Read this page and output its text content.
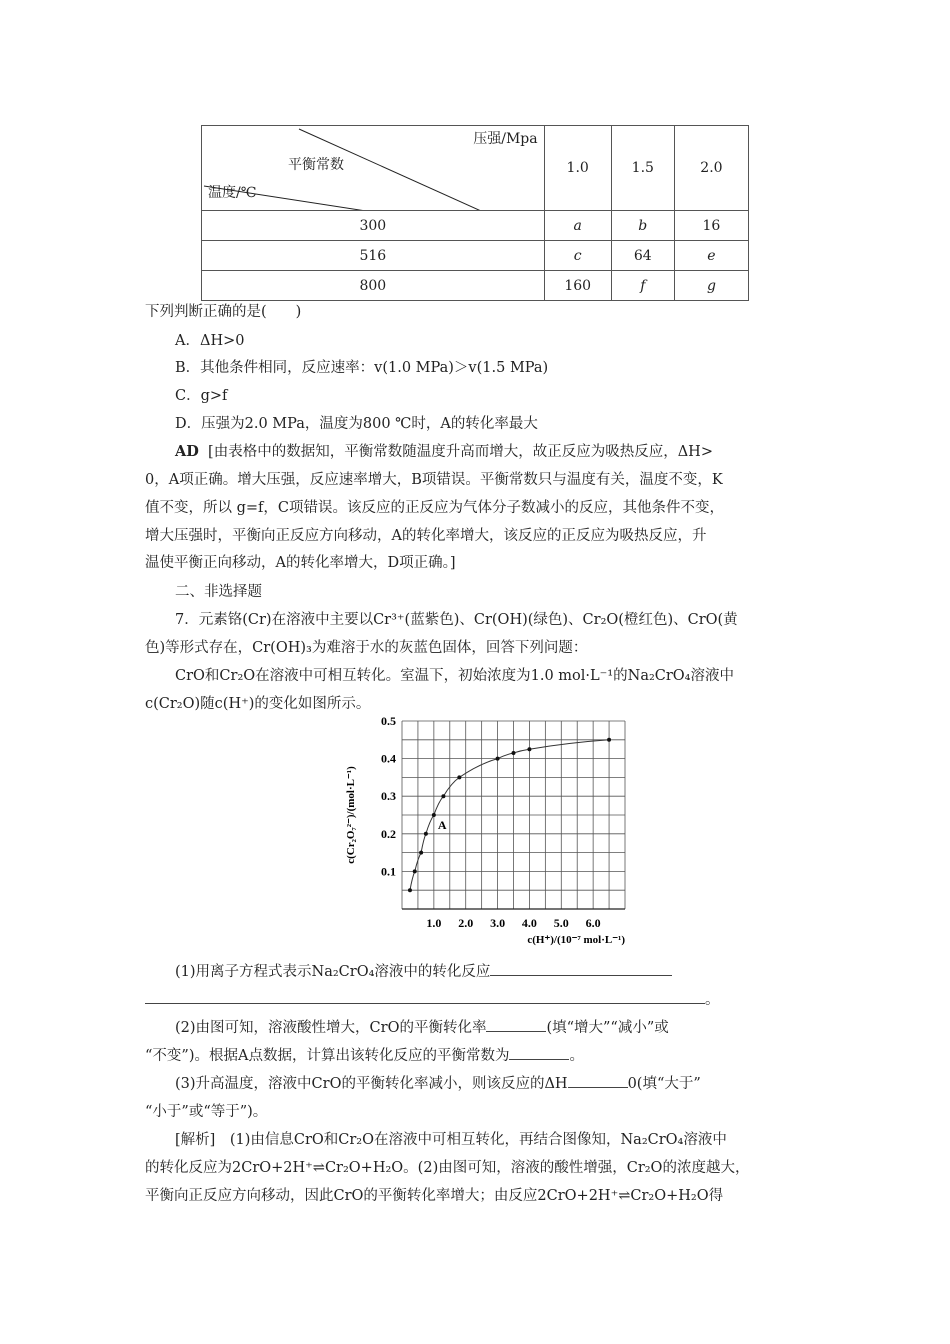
压强/Mpa
平衡常数
温度/℃	1.0	1.5	2.0
300	a	b	16
516	c	64	e
800	160	f	g
下列判断正确的是(　　)
A．ΔH>0
B．其他条件相同，反应速率：v(1.0 MPa)＞v(1.5 MPa)
C．g>f
D．压强为2.0 MPa，温度为800 ℃时，A的转化率最大
AD [由表格中的数据知，平衡常数随温度升高而增大，故正反应为吸热反应，ΔH>
0，A项正确。增大压强，反应速率增大，B项错误。平衡常数只与温度有关，温度不变，K
值不变，所以 g=f，C项错误。该反应的正反应为气体分子数减小的反应，其他条件不变，
增大压强时，平衡向正反应方向移动，A的转化率增大，该反应的正反应为吸热反应，升
温使平衡正向移动，A的转化率增大，D项正确。]
二、非选择题
7．元素铬(Cr)在溶液中主要以Cr³⁺(蓝紫色)、Cr(OH)(绿色)、Cr₂O(橙红色)、CrO(黄
色)等形式存在，Cr(OH)₃为难溶于水的灰蓝色固体，回答下列问题：
CrO和Cr₂O在溶液中可相互转化。室温下，初始浓度为1.0 mol·L⁻¹的Na₂CrO₄溶液中
c(Cr₂O)随c(H⁺)的变化如图所示。
1.0 2.0 3.0 4.0 5.0 6.0
0.1
0.2
0.3
0.4
0.5
c(H⁺)/(10⁻⁷ mol·L⁻¹)
c(Cr₂O₇²⁻)/(mol·L⁻¹)	A
(1)用离子方程式表示Na₂CrO₄溶液中的转化反应
。
(2)由图可知，溶液酸性增大，CrO的平衡转化率	(填“增大”“减小”或
“不变”)。根据A点数据，计算出该转化反应的平衡常数为	。
(3)升高温度，溶液中CrO的平衡转化率减小，则该反应的ΔH	0(填“大于”
“小于”或“等于”)。
[解析]　(1)由信息CrO和Cr₂O在溶液中可相互转化，再结合图像知，Na₂CrO₄溶液中
的转化反应为2CrO+2H⁺⇌Cr₂O+H₂O。(2)由图可知，溶液的酸性增强，Cr₂O的浓度越大，
平衡向正反应方向移动，因此CrO的平衡转化率增大；由反应2CrO+2H⁺⇌Cr₂O+H₂O得
